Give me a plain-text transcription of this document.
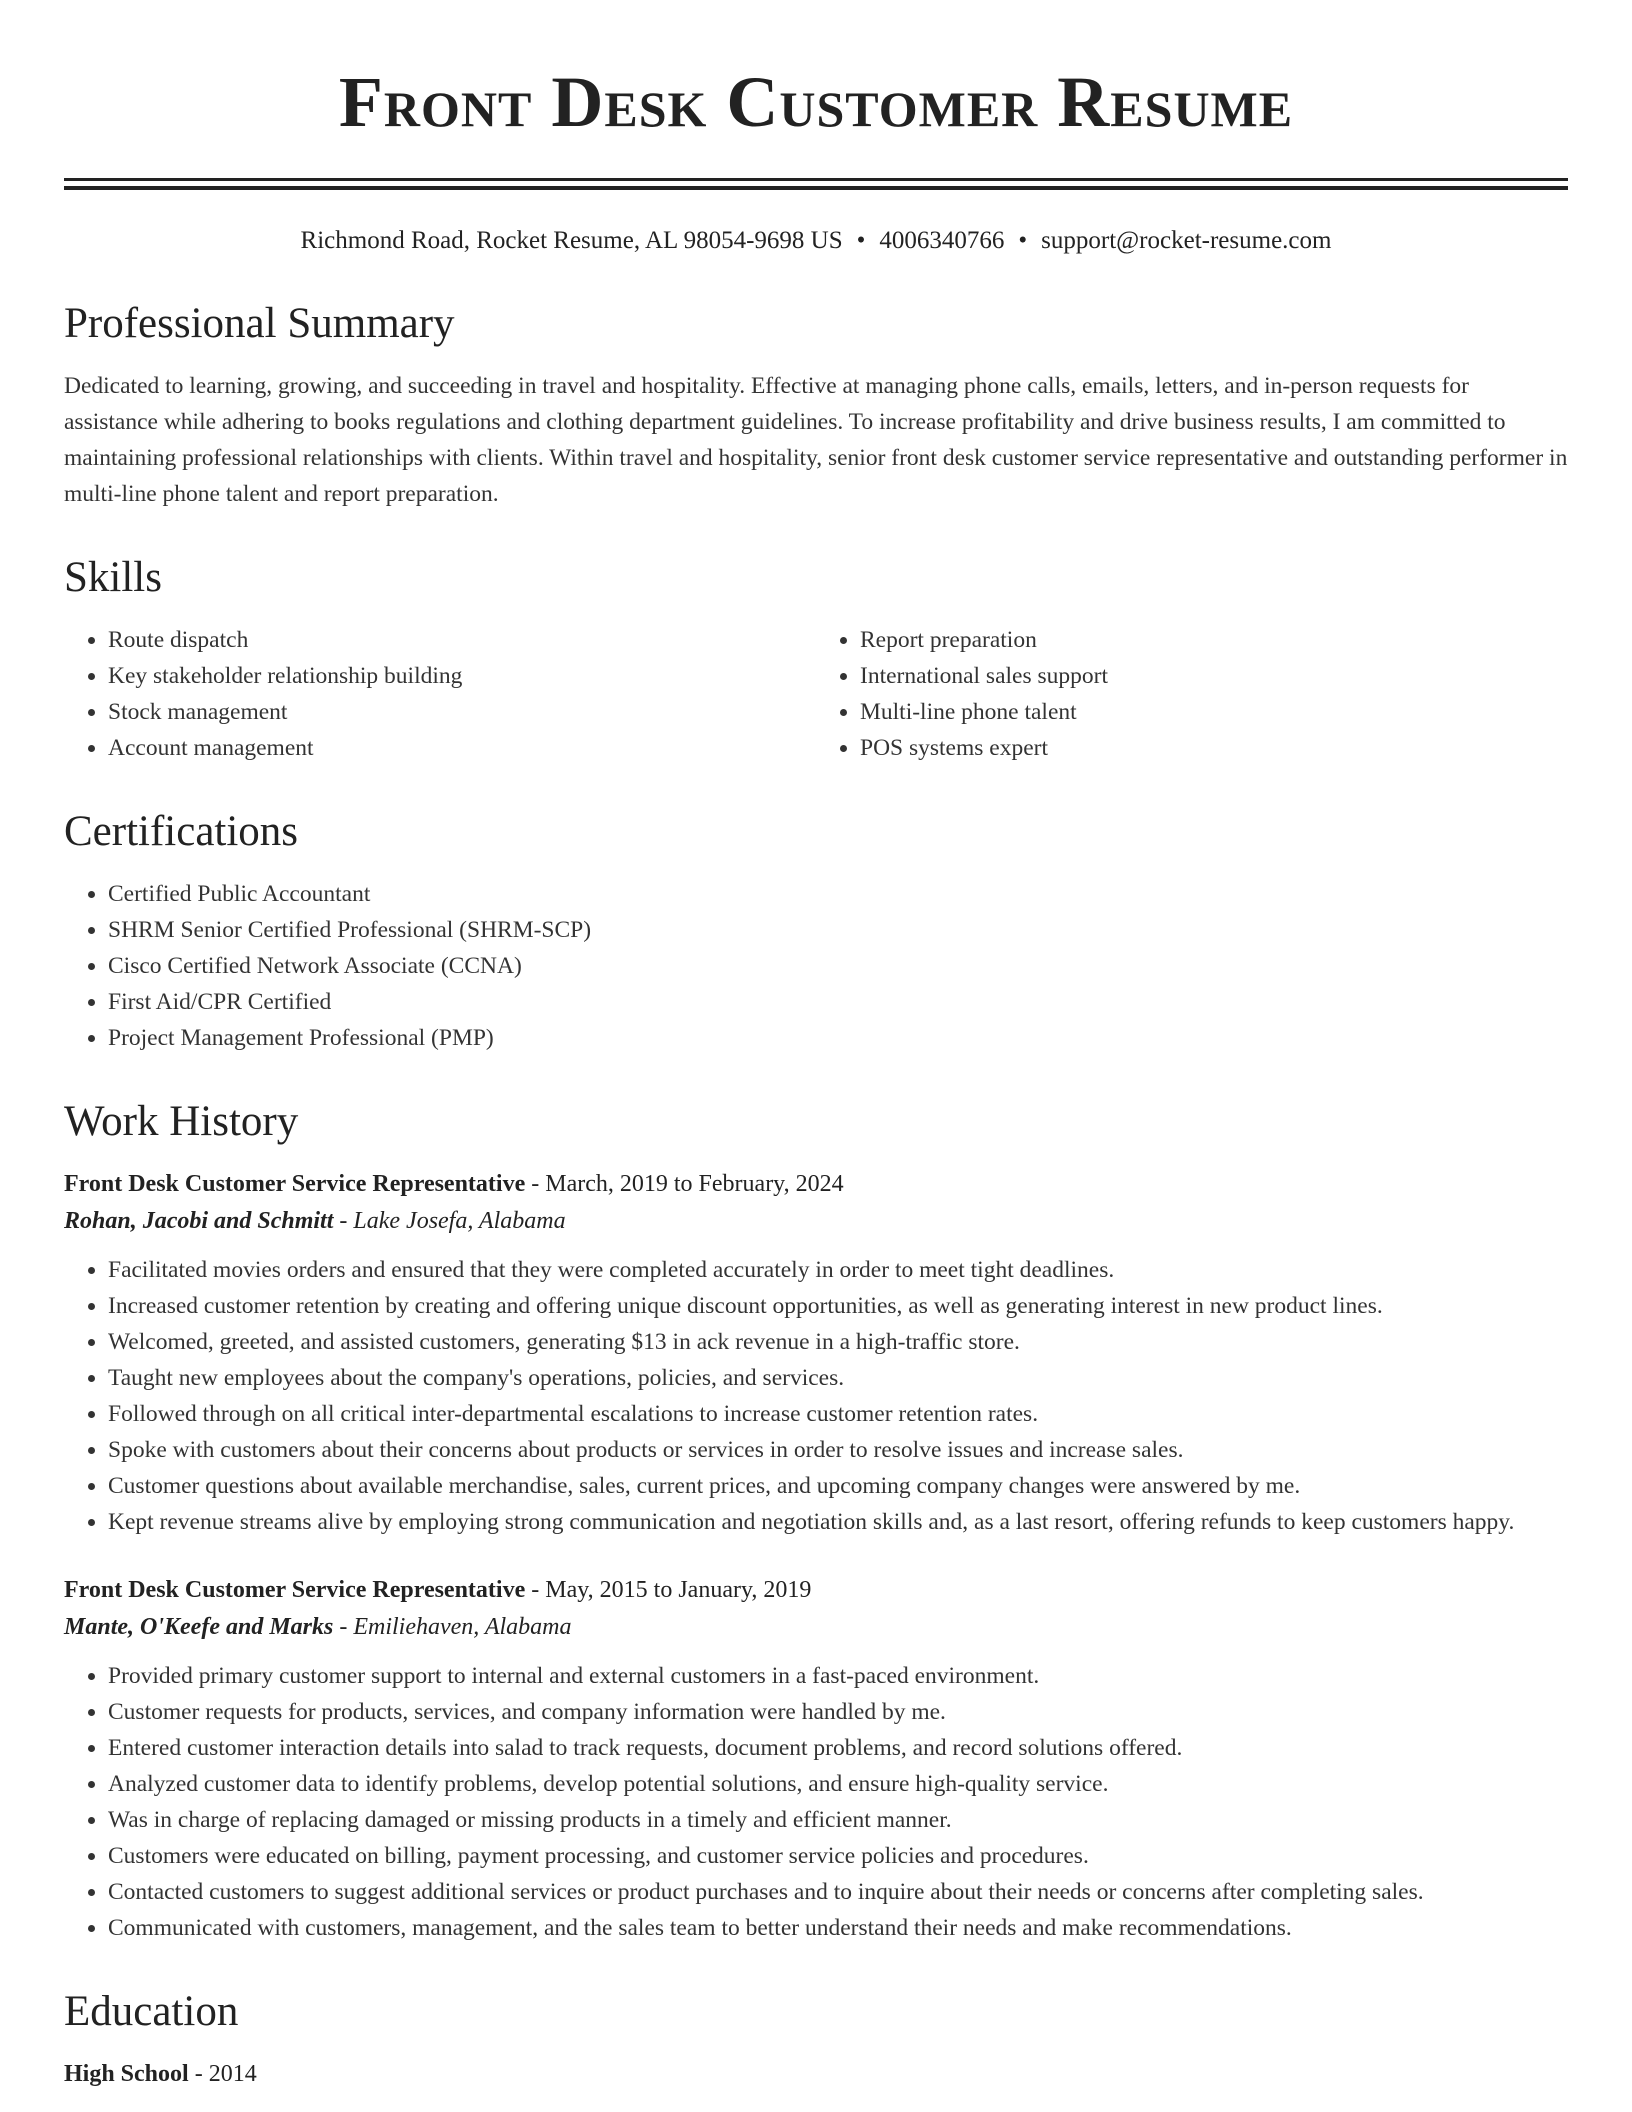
Front Desk Customer Resume
Richmond Road, Rocket Resume, AL 98054-9698 US • 4006340766 • support@rocket-resume.com
Professional Summary

Dedicated to learning, growing, and succeeding in travel and hospitality. Effective at managing phone calls, emails, letters, and in-person requests for assistance while adhering to books regulations and clothing department guidelines. To increase profitability and drive business results, I am committed to maintaining professional relationships with clients. Within travel and hospitality, senior front desk customer service representative and outstanding performer in multi-line phone talent and report preparation.

Skills
• Route dispatch
• Key stakeholder relationship building
• Stock management
• Account management
• Report preparation
• International sales support
• Multi-line phone talent
• POS systems expert
Certifications
• Certified Public Accountant
• SHRM Senior Certified Professional (SHRM-SCP)
• Cisco Certified Network Associate (CCNA)
• First Aid/CPR Certified
• Project Management Professional (PMP)
Work History
Front Desk Customer Service Representative - March, 2019 to February, 2024
Rohan, Jacobi and Schmitt - Lake Josefa, Alabama
• Facilitated movies orders and ensured that they were completed accurately in order to meet tight deadlines.
• Increased customer retention by creating and offering unique discount opportunities, as well as generating interest in new product lines.
• Welcomed, greeted, and assisted customers, generating $13 in ack revenue in a high-traffic store.
• Taught new employees about the company's operations, policies, and services.
• Followed through on all critical inter-departmental escalations to increase customer retention rates.
• Spoke with customers about their concerns about products or services in order to resolve issues and increase sales.
• Customer questions about available merchandise, sales, current prices, and upcoming company changes were answered by me.
• Kept revenue streams alive by employing strong communication and negotiation skills and, as a last resort, offering refunds to keep customers happy.
Front Desk Customer Service Representative - May, 2015 to January, 2019
Mante, O'Keefe and Marks - Emiliehaven, Alabama
• Provided primary customer support to internal and external customers in a fast-paced environment.
• Customer requests for products, services, and company information were handled by me.
• Entered customer interaction details into salad to track requests, document problems, and record solutions offered.
• Analyzed customer data to identify problems, develop potential solutions, and ensure high-quality service.
• Was in charge of replacing damaged or missing products in a timely and efficient manner.
• Customers were educated on billing, payment processing, and customer service policies and procedures.
• Contacted customers to suggest additional services or product purchases and to inquire about their needs or concerns after completing sales.
• Communicated with customers, management, and the sales team to better understand their needs and make recommendations.
Education
High School - 2014
